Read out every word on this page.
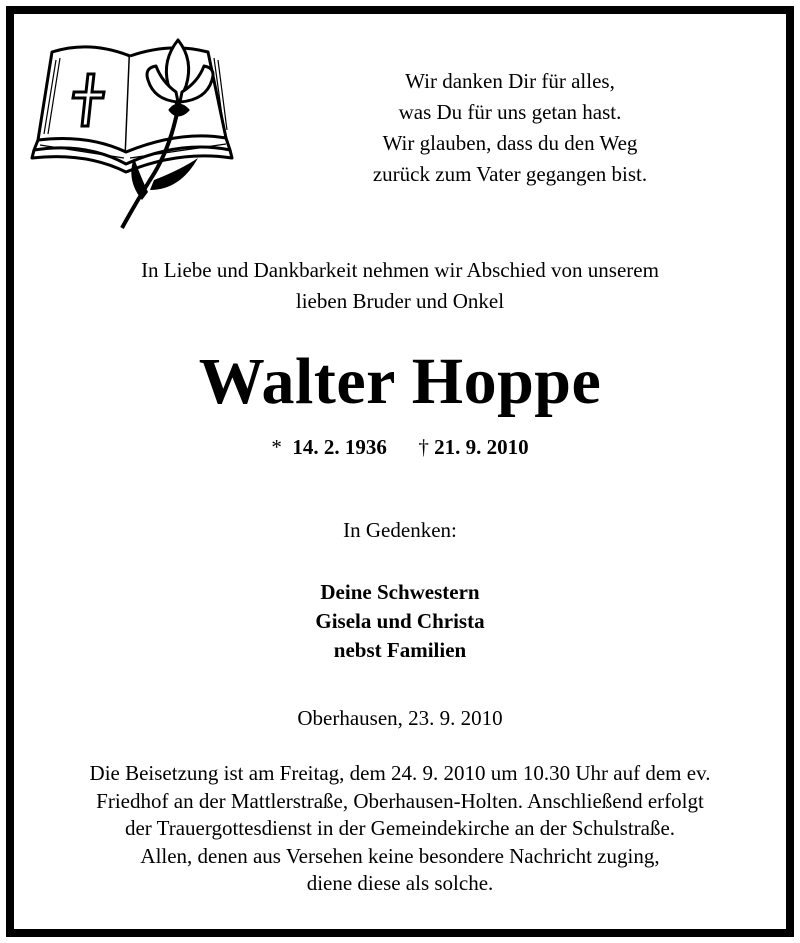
Wir danken Dir für alles,
was Du für uns getan hast.
Wir glauben, dass du den Weg
zurück zum Vater gegangen bist.
In Liebe und Dankbarkeit nehmen wir Abschied von unserem
lieben Bruder und Onkel
Walter Hoppe
* 14. 2. 1936 † 21. 9. 2010
In Gedenken:
Deine Schwestern
Gisela und Christa
nebst Familien
Oberhausen, 23. 9. 2010
Die Beisetzung ist am Freitag, dem 24. 9. 2010 um 10.30 Uhr auf dem ev.
Friedhof an der Mattlerstraße, Oberhausen-Holten. Anschließend erfolgt
der Trauergottesdienst in der Gemeindekirche an der Schulstraße.
Allen, denen aus Versehen keine besondere Nachricht zuging,
diene diese als solche.
